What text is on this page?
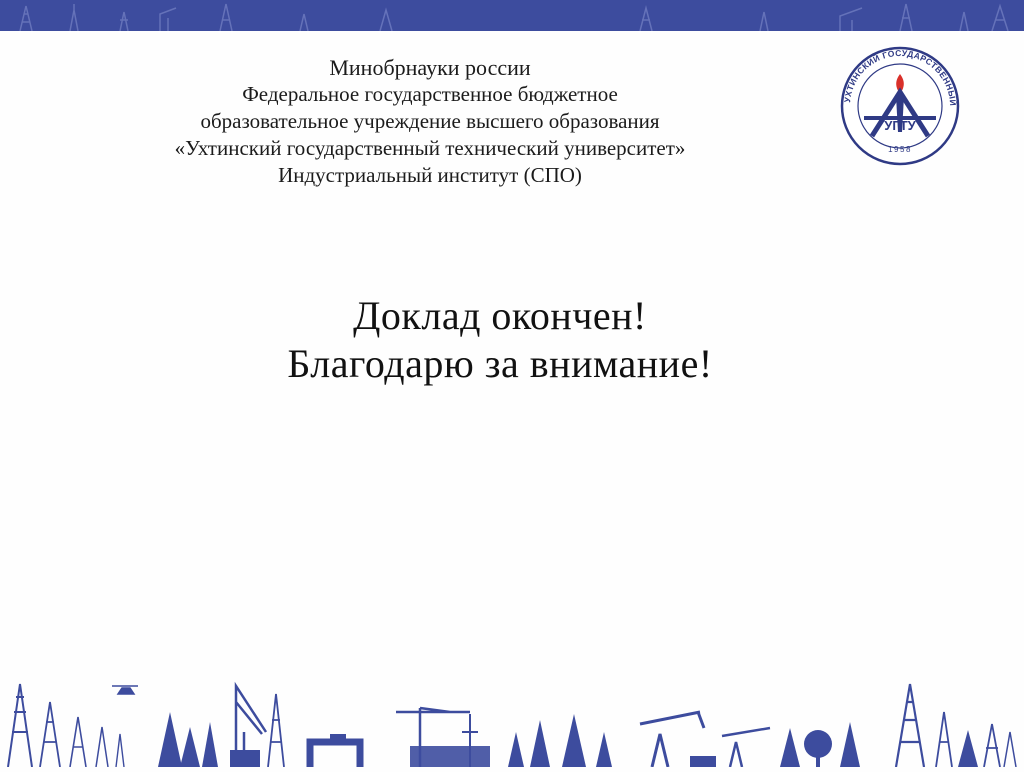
Минобрнауки россии
Федеральное государственное бюджетное
образовательное учреждение высшего образования
«Ухтинский государственный технический университет»
Индустриальный институт (СПО)
УХТИНСКИЙ ГОСУДАРСТВЕННЫЙ
УГТУ
1958
Доклад окончен!
Благодарю за внимание!
